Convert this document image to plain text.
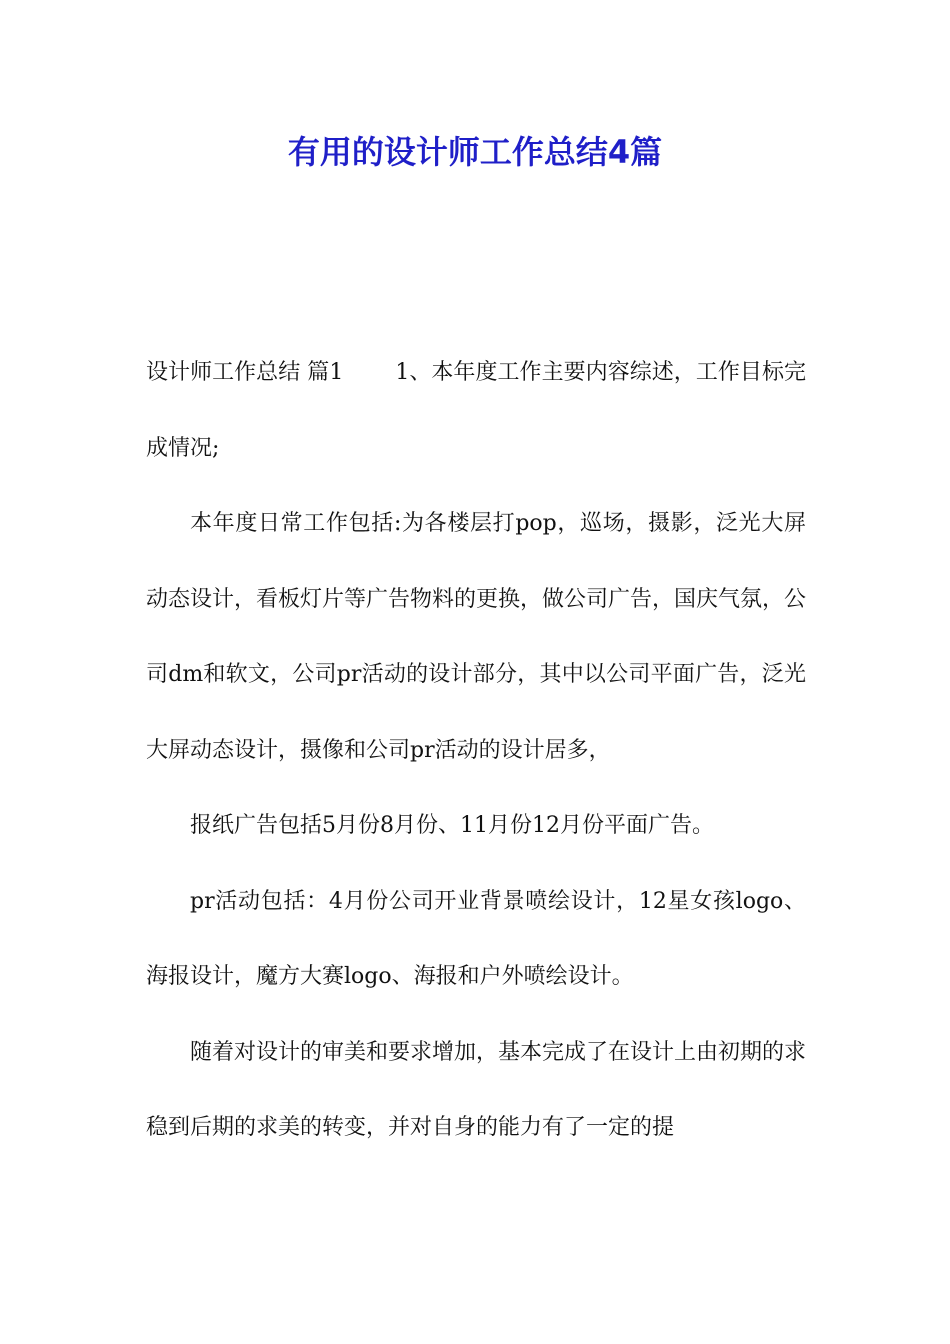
有用的设计师工作总结4篇

设计师工作总结 篇1 1、本年度工作主要内容综述，工作目标完成情况;

本年度日常工作包括:为各楼层打pop，巡场，摄影，泛光大屏动态设计，看板灯片等广告物料的更换，做公司广告，国庆气氛，公司dm和软文，公司pr活动的设计部分，其中以公司平面广告，泛光大屏动态设计，摄像和公司pr活动的设计居多，

报纸广告包括5月份8月份、11月份12月份平面广告。

pr活动包括：4月份公司开业背景喷绘设计，12星女孩logo、海报设计，魔方大赛logo、海报和户外喷绘设计。

随着对设计的审美和要求增加，基本完成了在设计上由初期的求稳到后期的求美的转变，并对自身的能力有了一定的提
